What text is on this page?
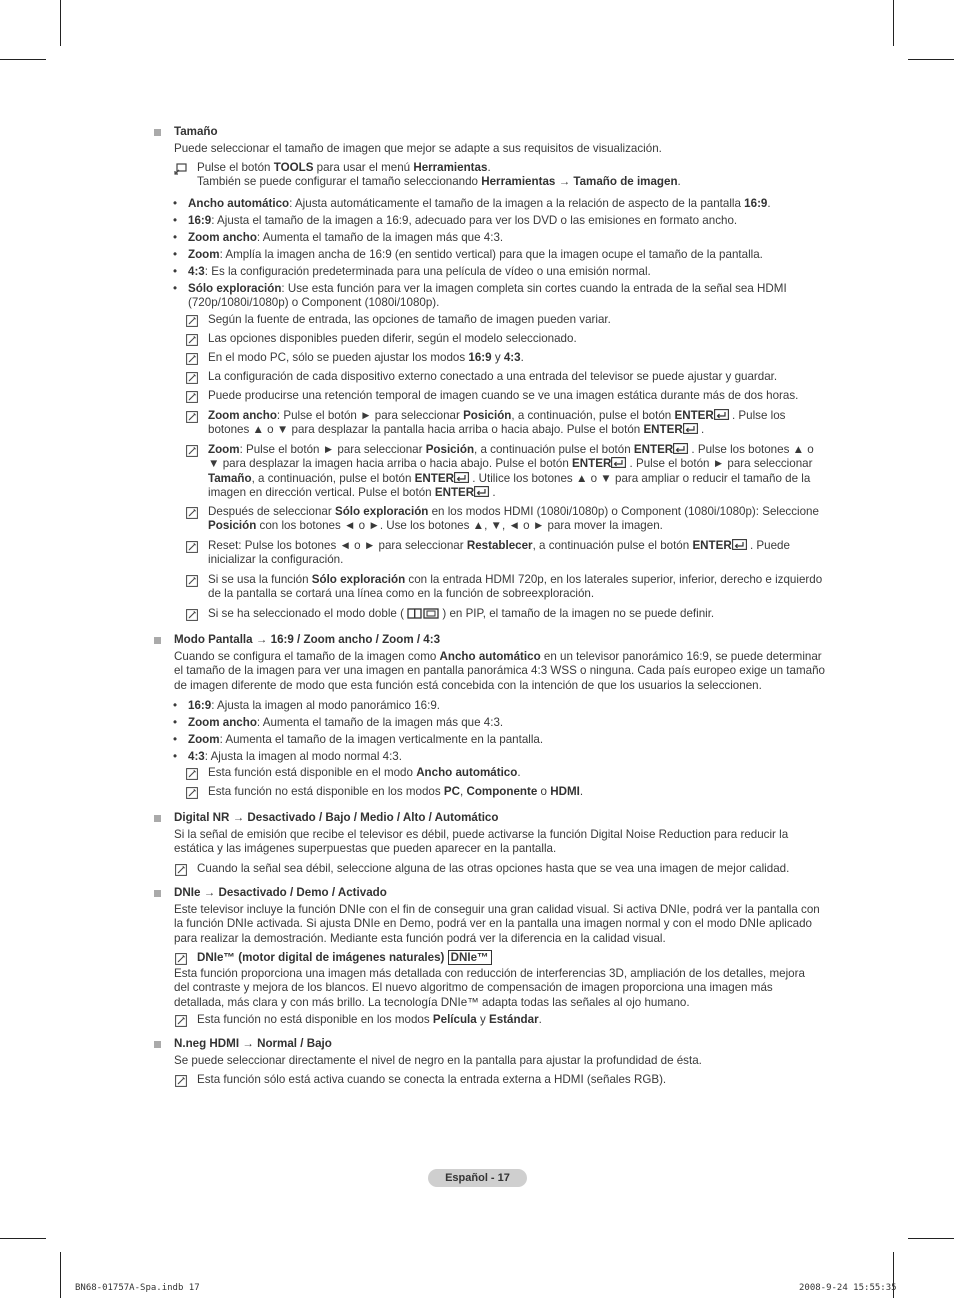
Tamaño
Puede seleccionar el tamaño de imagen que mejor se adapte a sus requisitos de visualización.
Pulse el botón TOOLS para usar el menú Herramientas.
También se puede configurar el tamaño seleccionando Herramientas → Tamaño de imagen.
• Ancho automático: Ajusta automáticamente el tamaño de la imagen a la relación de aspecto de la pantalla 16:9.
• 16:9: Ajusta el tamaño de la imagen a 16:9, adecuado para ver los DVD o las emisiones en formato ancho.
• Zoom ancho: Aumenta el tamaño de la imagen más que 4:3.
• Zoom: Amplía la imagen ancha de 16:9 (en sentido vertical) para que la imagen ocupe el tamaño de la pantalla.
• 4:3: Es la configuración predeterminada para una película de vídeo o una emisión normal.
• Sólo exploración: Use esta función para ver la imagen completa sin cortes cuando la entrada de la señal sea HDMI (720p/1080i/1080p) o Component (1080i/1080p).
Según la fuente de entrada, las opciones de tamaño de imagen pueden variar.
Las opciones disponibles pueden diferir, según el modelo seleccionado.
En el modo PC, sólo se pueden ajustar los modos 16:9 y 4:3.
La configuración de cada dispositivo externo conectado a una entrada del televisor se puede ajustar y guardar.
Puede producirse una retención temporal de imagen cuando se ve una imagen estática durante más de dos horas.
Zoom ancho: Pulse el botón ► para seleccionar Posición, a continuación, pulse el botón ENTER . Pulse los botones ▲ o ▼ para desplazar la pantalla hacia arriba o hacia abajo. Pulse el botón ENTER .
Zoom: Pulse el botón ► para seleccionar Posición, a continuación pulse el botón ENTER . Pulse los botones ▲ o ▼ para desplazar la imagen hacia arriba o hacia abajo. Pulse el botón ENTER . Pulse el botón ► para seleccionar Tamaño, a continuación, pulse el botón ENTER . Utilice los botones ▲ o ▼ para ampliar o reducir el tamaño de la imagen en dirección vertical. Pulse el botón ENTER .
Después de seleccionar Sólo exploración en los modos HDMI (1080i/1080p) o Component (1080i/1080p): Seleccione Posición con los botones ◄ o ►. Use los botones ▲, ▼, ◄ o ► para mover la imagen.
Reset: Pulse los botones ◄ o ► para seleccionar Restablecer, a continuación pulse el botón ENTER . Puede inicializar la configuración.
Si se usa la función Sólo exploración con la entrada HDMI 720p, en los laterales superior, inferior, derecho e izquierdo de la pantalla se cortará una línea como en la función de sobreexploración.
Si se ha seleccionado el modo doble (	) en PIP, el tamaño de la imagen no se puede definir.
Modo Pantalla → 16:9 / Zoom ancho / Zoom / 4:3
Cuando se configura el tamaño de la imagen como Ancho automático en un televisor panorámico 16:9, se puede determinar el tamaño de la imagen para ver una imagen en pantalla panorámica 4:3 WSS o ninguna. Cada país europeo exige un tamaño de imagen diferente de modo que esta función está concebida con la intención de que los usuarios la seleccionen.
• 16:9: Ajusta la imagen al modo panorámico 16:9.
• Zoom ancho: Aumenta el tamaño de la imagen más que 4:3.
• Zoom: Aumenta el tamaño de la imagen verticalmente en la pantalla.
• 4:3: Ajusta la imagen al modo normal 4:3.
Esta función está disponible en el modo Ancho automático.
Esta función no está disponible en los modos PC, Componente o HDMI.
Digital NR → Desactivado / Bajo / Medio / Alto / Automático
Si la señal de emisión que recibe el televisor es débil, puede activarse la función Digital Noise Reduction para reducir la estática y las imágenes superpuestas que pueden aparecer en la pantalla.
Cuando la señal sea débil, seleccione alguna de las otras opciones hasta que se vea una imagen de mejor calidad.
DNIe → Desactivado / Demo / Activado
Este televisor incluye la función DNIe con el fin de conseguir una gran calidad visual. Si activa DNIe, podrá ver la pantalla con la función DNIe activada. Si ajusta DNIe en Demo, podrá ver en la pantalla una imagen normal y con el modo DNIe aplicado para realizar la demostración. Mediante esta función podrá ver la diferencia en la calidad visual.
DNIe™ (motor digital de imágenes naturales) DNIe™
Esta función proporciona una imagen más detallada con reducción de interferencias 3D, ampliación de los detalles, mejora del contraste y mejora de los blancos. El nuevo algoritmo de compensación de imagen proporciona una imagen más detallada, más clara y con más brillo. La tecnología DNIe™ adapta todas las señales al ojo humano.
Esta función no está disponible en los modos Película y Estándar.
N.neg HDMI → Normal / Bajo
Se puede seleccionar directamente el nivel de negro en la pantalla para ajustar la profundidad de ésta.
Esta función sólo está activa cuando se conecta la entrada externa a HDMI (señales RGB).
Español - 17
BN68-01757A-Spa.indb 17	2008-9-24 15:55:35
